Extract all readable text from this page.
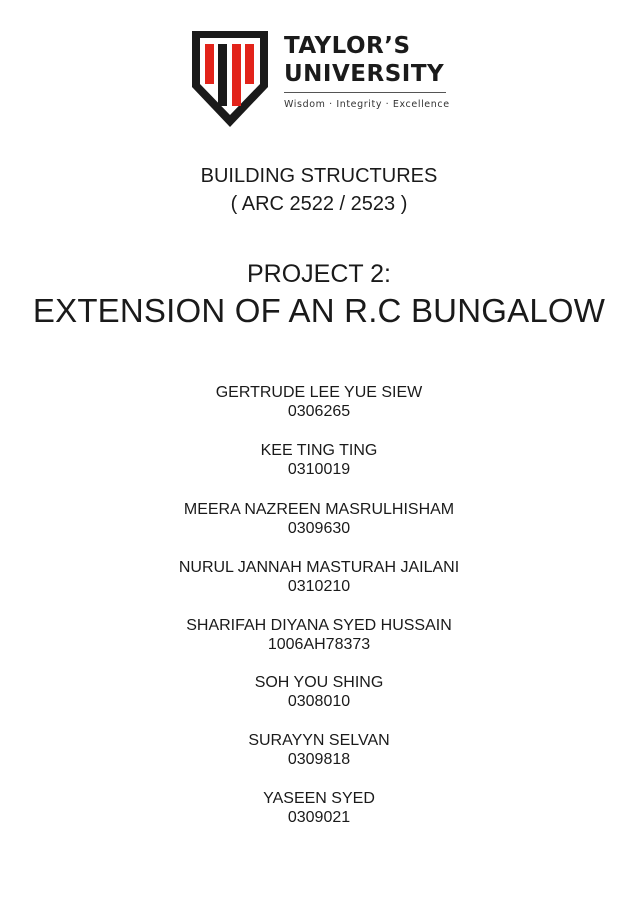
TAYLOR’S
UNIVERSITY
Wisdom · Integrity · Excellence
BUILDING STRUCTURES
( ARC 2522 / 2523 )
PROJECT 2:
EXTENSION OF AN R.C BUNGALOW
GERTRUDE LEE YUE SIEW
0306265
KEE TING TING
0310019
MEERA NAZREEN MASRULHISHAM
0309630
NURUL JANNAH MASTURAH JAILANI
0310210
SHARIFAH DIYANA SYED HUSSAIN
1006AH78373
SOH YOU SHING
0308010
SURAYYN SELVAN
0309818
YASEEN SYED
0309021
